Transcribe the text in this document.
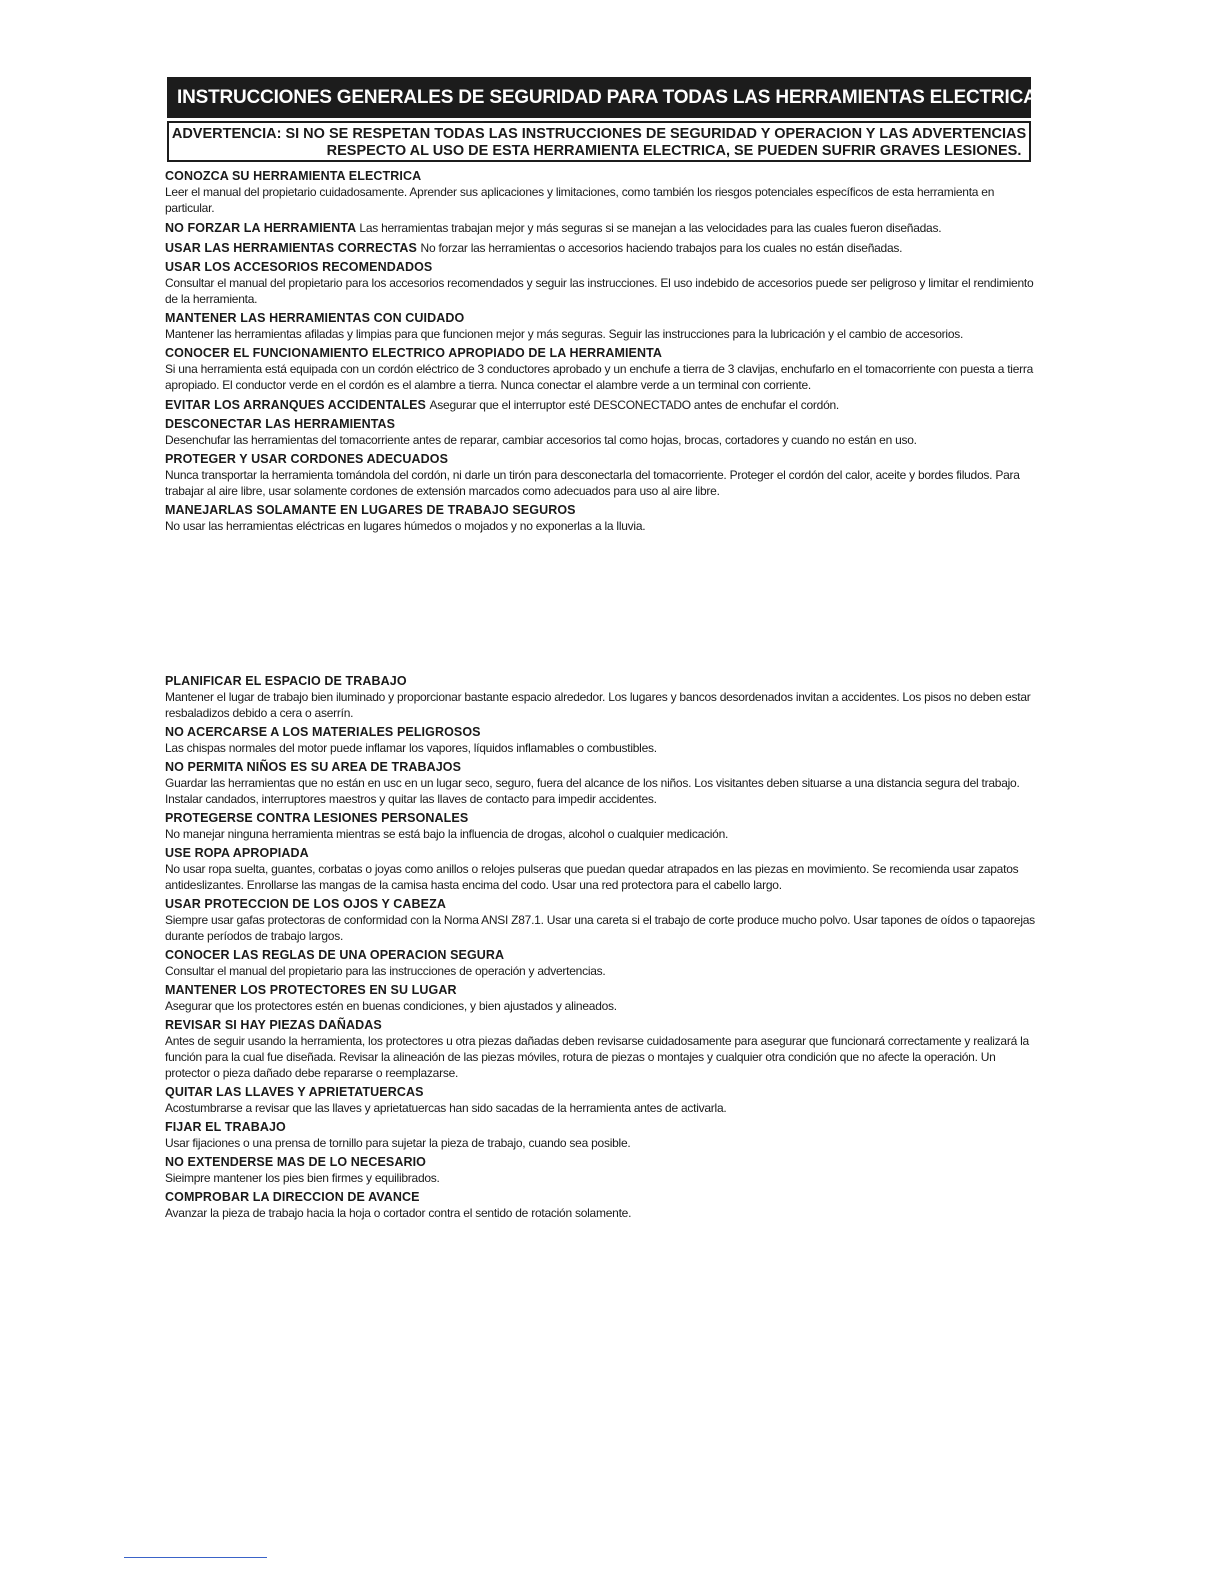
INSTRUCCIONES GENERALES DE SEGURIDAD PARA TODAS LAS HERRAMIENTAS ELECTRICAS
ADVERTENCIA: SI NO SE RESPETAN TODAS LAS INSTRUCCIONES DE SEGURIDAD Y OPERACION Y LAS ADVERTENCIAS
RESPECTO AL USO DE ESTA HERRAMIENTA ELECTRICA, SE PUEDEN SUFRIR GRAVES LESIONES.
CONOZCA SU HERRAMIENTA ELECTRICA
Leer el manual del propietario cuidadosamente. Aprender sus aplicaciones y limitaciones, como también los riesgos potenciales específicos de esta herramienta en particular.
NO FORZAR LA HERRAMIENTA Las herramientas trabajan mejor y más seguras si se manejan a las velocidades para las cuales fueron diseñadas.
USAR LAS HERRAMIENTAS CORRECTAS No forzar las herramientas o accesorios haciendo trabajos para los cuales no están diseñadas.
USAR LOS ACCESORIOS RECOMENDADOS
Consultar el manual del propietario para los accesorios recomendados y seguir las instrucciones. El uso indebido de accesorios puede ser peligroso y limitar el rendimiento de la herramienta.
MANTENER LAS HERRAMIENTAS CON CUIDADO
Mantener las herramientas afiladas y limpias para que funcionen mejor y más seguras. Seguir las instrucciones para la lubricación y el cambio de accesorios.
CONOCER EL FUNCIONAMIENTO ELECTRICO APROPIADO DE LA HERRAMIENTA
Si una herramienta está equipada con un cordón eléctrico de 3 conductores aprobado y un enchufe a tierra de 3 clavijas, enchufarlo en el tomacorriente con puesta a tierra apropiado. El conductor verde en el cordón es el alambre a tierra. Nunca conectar el alambre verde a un terminal con corriente.
EVITAR LOS ARRANQUES ACCIDENTALES Asegurar que el interruptor esté DESCONECTADO antes de enchufar el cordón.
DESCONECTAR LAS HERRAMIENTAS
Desenchufar las herramientas del tomacorriente antes de reparar, cambiar accesorios tal como hojas, brocas, cortadores y cuando no están en uso.
PROTEGER Y USAR CORDONES ADECUADOS
Nunca transportar la herramienta tomándola del cordón, ni darle un tirón para desconectarla del tomacorriente. Proteger el cordón del calor, aceite y bordes filudos. Para trabajar al aire libre, usar solamente cordones de extensión marcados como adecuados para uso al aire libre.
MANEJARLAS SOLAMANTE EN LUGARES DE TRABAJO SEGUROS
No usar las herramientas eléctricas en lugares húmedos o mojados y no exponerlas a la lluvia.
PLANIFICAR EL ESPACIO DE TRABAJO
Mantener el lugar de trabajo bien iluminado y proporcionar bastante espacio alrededor. Los lugares y bancos desordenados invitan a accidentes. Los pisos no deben estar resbaladizos debido a cera o aserrín.
NO ACERCARSE A LOS MATERIALES PELIGROSOS
Las chispas normales del motor puede inflamar los vapores, líquidos inflamables o combustibles.
NO PERMITA NIÑOS ES SU AREA DE TRABAJOS
Guardar las herramientas que no están en usc en un lugar seco, seguro, fuera del alcance de los niños. Los visitantes deben situarse a una distancia segura del trabajo. Instalar candados, interruptores maestros y quitar las llaves de contacto para impedir accidentes.
PROTEGERSE CONTRA LESIONES PERSONALES
No manejar ninguna herramienta mientras se está bajo la influencia de drogas, alcohol o cualquier medicación.
USE ROPA APROPIADA
No usar ropa suelta, guantes, corbatas o joyas como anillos o relojes pulseras que puedan quedar atrapados en las piezas en movimiento. Se recomienda usar zapatos antideslizantes. Enrollarse las mangas de la camisa hasta encima del codo. Usar una red protectora para el cabello largo.
USAR PROTECCION DE LOS OJOS Y CABEZA
Siempre usar gafas protectoras de conformidad con la Norma ANSI Z87.1. Usar una careta si el trabajo de corte produce mucho polvo. Usar tapones de oídos o tapaorejas durante períodos de trabajo largos.
CONOCER LAS REGLAS DE UNA OPERACION SEGURA
Consultar el manual del propietario para las instrucciones de operación y advertencias.
MANTENER LOS PROTECTORES EN SU LUGAR
Asegurar que los protectores estén en buenas condiciones, y bien ajustados y alineados.
REVISAR SI HAY PIEZAS DAÑADAS
Antes de seguir usando la herramienta, los protectores u otra piezas dañadas deben revisarse cuidadosamente para asegurar que funcionará correctamente y realizará la función para la cual fue diseñada. Revisar la alineación de las piezas móviles, rotura de piezas o montajes y cualquier otra condición que no afecte la operación. Un protector o pieza dañado debe repararse o reemplazarse.
QUITAR LAS LLAVES Y APRIETATUERCAS
Acostumbrarse a revisar que las llaves y aprietatuercas han sido sacadas de la herramienta antes de activarla.
FIJAR EL TRABAJO
Usar fijaciones o una prensa de tornillo para sujetar la pieza de trabajo, cuando sea posible.
NO EXTENDERSE MAS DE LO NECESARIO
Sieimpre mantener los pies bien firmes y equilibrados.
COMPROBAR LA DIRECCION DE AVANCE
Avanzar la pieza de trabajo hacia la hoja o cortador contra el sentido de rotación solamente.
